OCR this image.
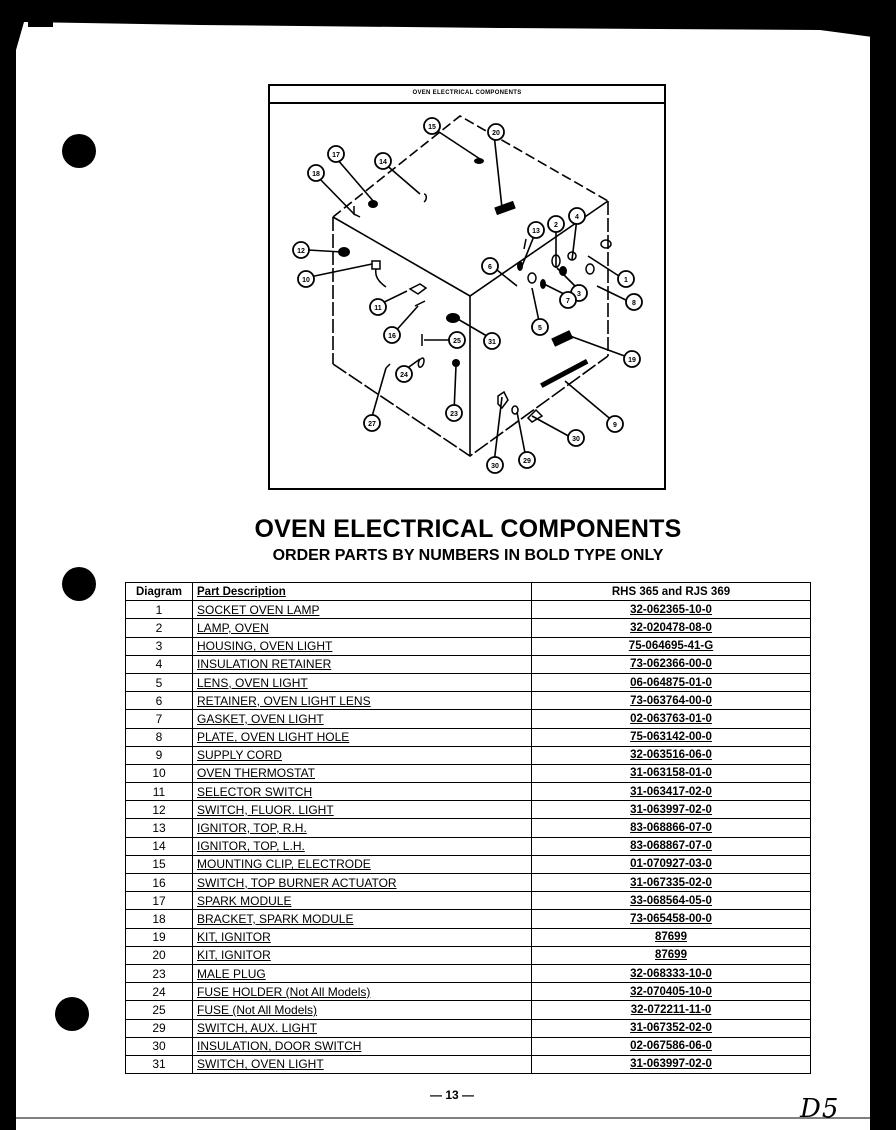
OVEN ELECTRICAL COMPONENTS
15
20
17
14
18
12
10
13
2
4
1
6
3
8
7
5
11
16
25	31
19
24
23
27	9
30
29
30
OVEN ELECTRICAL COMPONENTS
ORDER PARTS BY NUMBERS IN BOLD TYPE ONLY
Diagram	Part Description	RHS 365 and RJS 369
1	SOCKET OVEN LAMP	32-062365-10-0
2	LAMP, OVEN	32-020478-08-0
3	HOUSING, OVEN LIGHT	75-064695-41-G
4	INSULATION RETAINER	73-062366-00-0
5	LENS, OVEN LIGHT	06-064875-01-0
6	RETAINER, OVEN LIGHT LENS	73-063764-00-0
7	GASKET, OVEN LIGHT	02-063763-01-0
8	PLATE, OVEN LIGHT HOLE	75-063142-00-0
9	SUPPLY CORD	32-063516-06-0
10	OVEN THERMOSTAT	31-063158-01-0
11	SELECTOR SWITCH	31-063417-02-0
12	SWITCH, FLUOR. LIGHT	31-063997-02-0
13	IGNITOR, TOP, R.H.	83-068866-07-0
14	IGNITOR, TOP, L.H.	83-068867-07-0
15	MOUNTING CLIP, ELECTRODE	01-070927-03-0
16	SWITCH, TOP BURNER ACTUATOR	31-067335-02-0
17	SPARK MODULE	33-068564-05-0
18	BRACKET, SPARK MODULE	73-065458-00-0
19	KIT, IGNITOR	87699
20	KIT, IGNITOR	87699
23	MALE PLUG	32-068333-10-0
24	FUSE HOLDER (Not All Models)	32-070405-10-0
25	FUSE (Not All Models)	32-072211-11-0
29	SWITCH, AUX. LIGHT	31-067352-02-0
30	INSULATION, DOOR SWITCH	02-067586-06-0
31	SWITCH, OVEN LIGHT	31-063997-02-0
— 13 —	D5
